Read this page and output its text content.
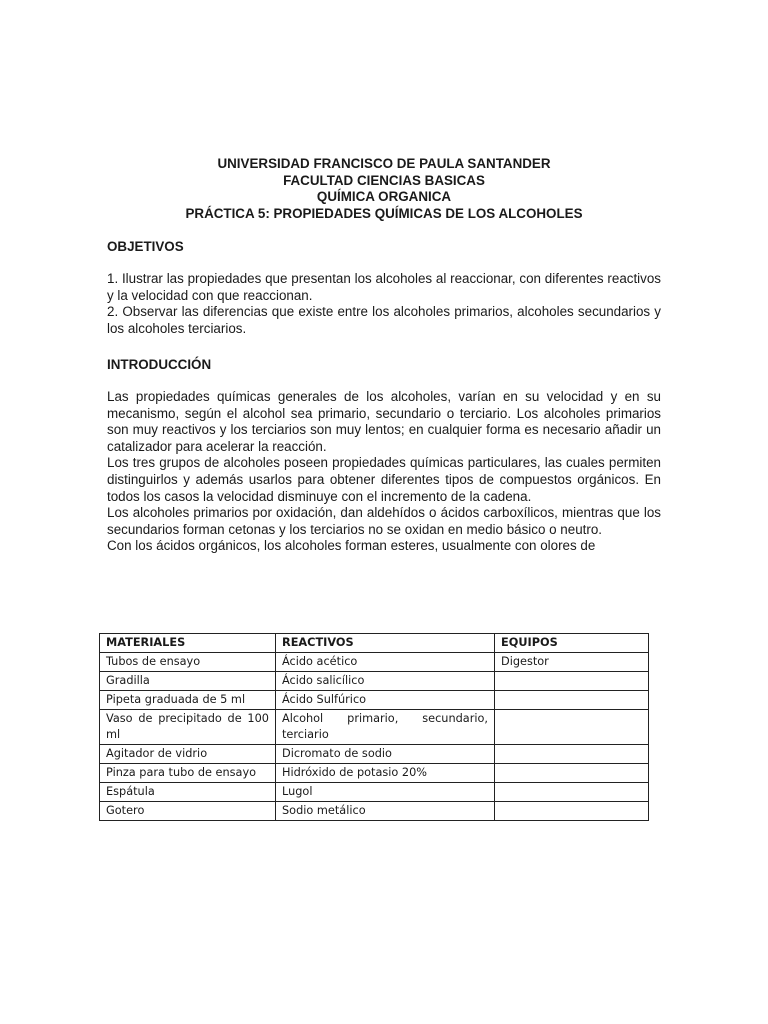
UNIVERSIDAD FRANCISCO DE PAULA SANTANDER
FACULTAD CIENCIAS BASICAS
QUÍMICA ORGANICA
PRÁCTICA 5: PROPIEDADES QUÍMICAS DE LOS ALCOHOLES
OBJETIVOS

1. Ilustrar las propiedades que presentan los alcoholes al reaccionar, con diferentes reactivos y la velocidad con que reaccionan.

2. Observar las diferencias que existe entre los alcoholes primarios, alcoholes secundarios y los alcoholes terciarios.

INTRODUCCIÓN

Las propiedades químicas generales de los alcoholes, varían en su velocidad y en su mecanismo, según el alcohol sea primario, secundario o terciario. Los alcoholes primarios son muy reactivos y los terciarios son muy lentos; en cualquier forma es necesario añadir un catalizador para acelerar la reacción.

Los tres grupos de alcoholes poseen propiedades químicas particulares, las cuales permiten distinguirlos y además usarlos para obtener diferentes tipos de compuestos orgánicos. En todos los casos la velocidad disminuye con el incremento de la cadena.

Los alcoholes primarios por oxidación, dan aldehídos o ácidos carboxílicos, mientras que los secundarios forman cetonas y los terciarios no se oxidan en medio básico o neutro.

Con los ácidos orgánicos, los alcoholes forman esteres, usualmente con olores de

MATERIALES	REACTIVOS	EQUIPOS
Tubos de ensayo	Ácido acético	Digestor
Gradilla	Ácido salicílico	
Pipeta graduada de 5 ml	Ácido Sulfúrico	
Vaso de precipitado de 100 ml	Alcohol primario, secundario, terciario	
Agitador de vidrio	Dicromato de sodio	
Pinza para tubo de ensayo	Hidróxido de potasio 20%	
Espátula	Lugol	
Gotero	Sodio metálico	
